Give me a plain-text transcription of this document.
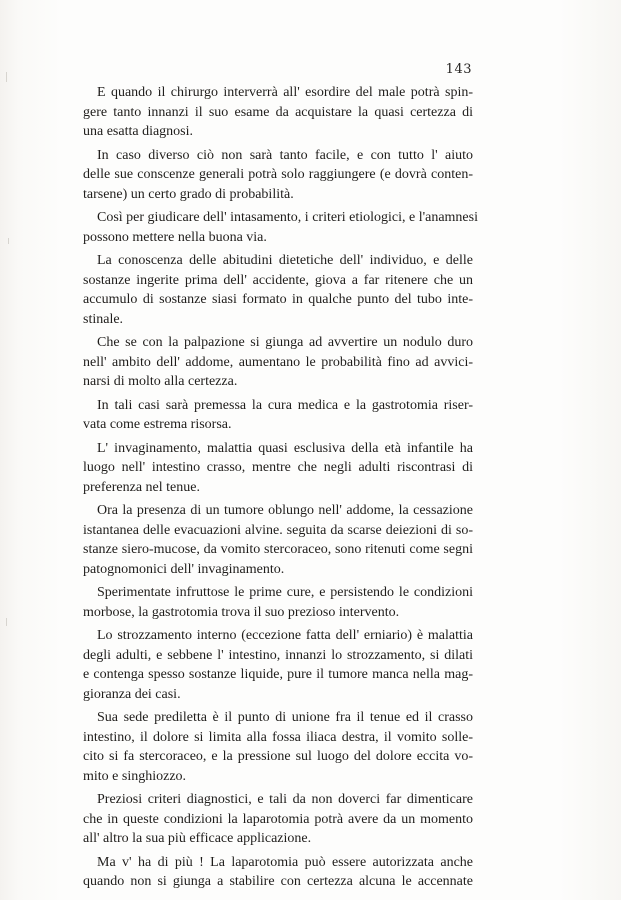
143
E quando il chirurgo interverrà all' esordire del male potrà spin-
gere tanto innanzi il suo esame da acquistare la quasi certezza di
una esatta diagnosi.
In caso diverso ciò non sarà tanto facile, e con tutto l' aiuto
delle sue conscenze generali potrà solo raggiungere (e dovrà conten-
tarsene) un certo grado di probabilità.
Così per giudicare dell' intasamento, i criteri etiologici, e l'anamnesi
possono mettere nella buona via.
La conoscenza delle abitudini dietetiche dell' individuo, e delle
sostanze ingerite prima dell' accidente, giova a far ritenere che un
accumulo di sostanze siasi formato in qualche punto del tubo inte-
stinale.
Che se con la palpazione si giunga ad avvertire un nodulo duro
nell' ambito dell' addome, aumentano le probabilità fino ad avvici-
narsi di molto alla certezza.
In tali casi sarà premessa la cura medica e la gastrotomia riser-
vata come estrema risorsa.
L' invaginamento, malattia quasi esclusiva della età infantile ha
luogo nell' intestino crasso, mentre che negli adulti riscontrasi di
preferenza nel tenue.
Ora la presenza di un tumore oblungo nell' addome, la cessazione
istantanea delle evacuazioni alvine. seguita da scarse deiezioni di so-
stanze siero-mucose, da vomito stercoraceo, sono ritenuti come segni
patognomonici dell' invaginamento.
Sperimentate infruttose le prime cure, e persistendo le condizioni
morbose, la gastrotomia trova il suo prezioso intervento.
Lo strozzamento interno (eccezione fatta dell' erniario) è malattia
degli adulti, e sebbene l' intestino, innanzi lo strozzamento, si dilati
e contenga spesso sostanze liquide, pure il tumore manca nella mag-
gioranza dei casi.
Sua sede prediletta è il punto di unione fra il tenue ed il crasso
intestino, il dolore si limita alla fossa iliaca destra, il vomito solle-
cito si fa stercoraceo, e la pressione sul luogo del dolore eccita vo-
mito e singhiozzo.
Preziosi criteri diagnostici, e tali da non doverci far dimenticare
che in queste condizioni la laparotomia potrà avere da un momento
all' altro la sua più efficace applicazione.
Ma v' ha di più ! La laparotomia può essere autorizzata anche
quando non si giunga a stabilire con certezza alcuna le accennate
